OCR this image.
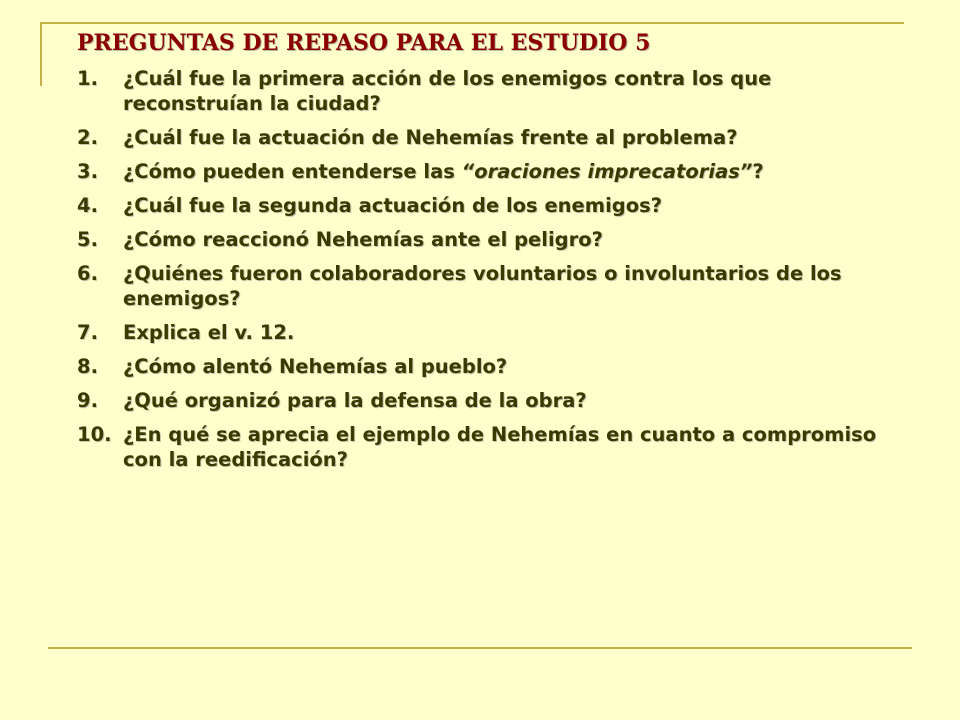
PREGUNTAS DE REPASO PARA EL ESTUDIO 5
1.	¿Cuál fue la primera acción de los enemigos contra los que reconstruían la ciudad?
2.	¿Cuál fue la actuación de Nehemías frente al problema?
3.	¿Cómo pueden entenderse las “oraciones imprecatorias”?
4.	¿Cuál fue la segunda actuación de los enemigos?
5.	¿Cómo reaccionó Nehemías ante el peligro?
6.	¿Quiénes fueron colaboradores voluntarios o involuntarios de los enemigos?
7.	Explica el v. 12.
8.	¿Cómo alentó Nehemías al pueblo?
9.	¿Qué organizó para la defensa de la obra?
10. ¿En qué se aprecia el ejemplo de Nehemías en cuanto a compromiso con la reedificación?
